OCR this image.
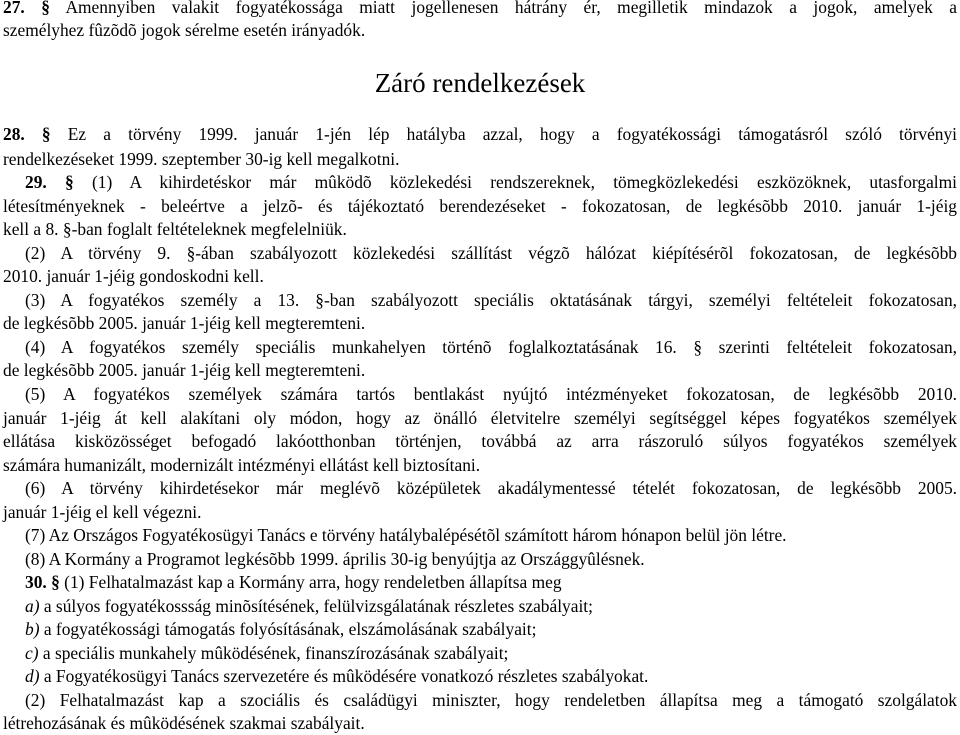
27. § Amennyiben valakit fogyatékossága miatt jogellenesen hátrány ér, megilletik mindazok a jogok, amelyek a

személyhez fûzõdõ jogok sérelme esetén irányadók.

Záró rendelkezések

28. § Ez a törvény 1999. január 1-jén lép hatályba azzal, hogy a fogyatékossági támogatásról szóló törvényi

rendelkezéseket 1999. szeptember 30-ig kell megalkotni.

29. § (1) A kihirdetéskor már mûködõ közlekedési rendszereknek, tömegközlekedési eszközöknek, utasforgalmi

létesítményeknek - beleértve a jelzõ- és tájékoztató berendezéseket - fokozatosan, de legkésõbb 2010. január 1-jéig

kell a 8. §-ban foglalt feltételeknek megfelelniük.

(2) A törvény 9. §-ában szabályozott közlekedési szállítást végzõ hálózat kiépítésérõl fokozatosan, de legkésõbb

2010. január 1-jéig gondoskodni kell.

(3) A fogyatékos személy a 13. §-ban szabályozott speciális oktatásának tárgyi, személyi feltételeit fokozatosan,

de legkésõbb 2005. január 1-jéig kell megteremteni.

(4) A fogyatékos személy speciális munkahelyen történõ foglalkoztatásának 16. § szerinti feltételeit fokozatosan,

de legkésõbb 2005. január 1-jéig kell megteremteni.

(5) A fogyatékos személyek számára tartós bentlakást nyújtó intézményeket fokozatosan, de legkésõbb 2010.

január 1-jéig át kell alakítani oly módon, hogy az önálló életvitelre személyi segítséggel képes fogyatékos személyek

ellátása kisközösséget befogadó lakóotthonban történjen, továbbá az arra rászoruló súlyos fogyatékos személyek

számára humanizált, modernizált intézményi ellátást kell biztosítani.

(6) A törvény kihirdetésekor már meglévõ középületek akadálymentessé tételét fokozatosan, de legkésõbb 2005.

január 1-jéig el kell végezni.

(7) Az Országos Fogyatékosügyi Tanács e törvény hatálybalépésétõl számított három hónapon belül jön létre.

(8) A Kormány a Programot legkésõbb 1999. április 30-ig benyújtja az Országgyûlésnek.

30. § (1) Felhatalmazást kap a Kormány arra, hogy rendeletben állapítsa meg

a) a súlyos fogyatékossság minõsítésének, felülvizsgálatának részletes szabályait;

b) a fogyatékossági támogatás folyósításának, elszámolásának szabályait;

c) a speciális munkahely mûködésének, finanszírozásának szabályait;

d) a Fogyatékosügyi Tanács szervezetére és mûködésére vonatkozó részletes szabályokat.

(2) Felhatalmazást kap a szociális és családügyi miniszter, hogy rendeletben állapítsa meg a támogató szolgálatok

létrehozásának és mûködésének szakmai szabályait.
